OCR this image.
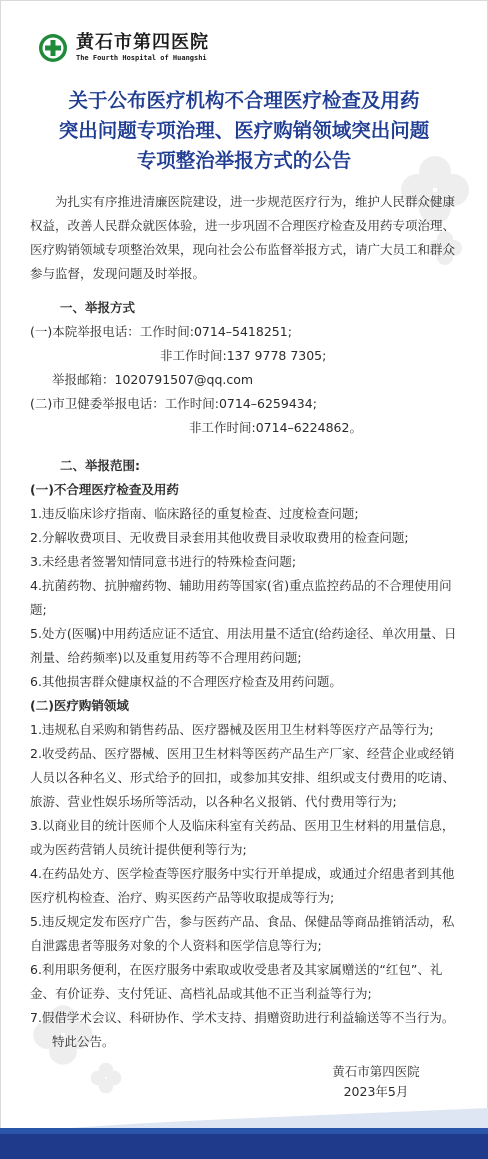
黄石市第四医院
The Fourth Hospital of Huangshi
关于公布医疗机构不合理医疗检查及用药
突出问题专项治理、医疗购销领域突出问题
专项整治举报方式的公告

为扎实有序推进清廉医院建设，进一步规范医疗行为，维护人民群众健康权益，改善人民群众就医体验，进一步巩固不合理医疗检查及用药专项治理、医疗购销领域专项整治效果，现向社会公布监督举报方式，请广大员工和群众参与监督，发现问题及时举报。

一、举报方式

(一)本院举报电话：工作时间:0714–5418251;

非工作时间:137 9778 7305;

举报邮箱：1020791507@qq.com

(二)市卫健委举报电话：工作时间:0714–6259434;

非工作时间:0714–6224862。

二、举报范围:

(一)不合理医疗检查及用药

1.违反临床诊疗指南、临床路径的重复检查、过度检查问题;

2.分解收费项目、无收费目录套用其他收费目录收取费用的检查问题;

3.未经患者签署知情同意书进行的特殊检查问题;

4.抗菌药物、抗肿瘤药物、辅助用药等国家(省)重点监控药品的不合理使用问题;

5.处方(医嘱)中用药适应证不适宜、用法用量不适宜(给药途径、单次用量、日剂量、给药频率)以及重复用药等不合理用药问题;

6.其他损害群众健康权益的不合理医疗检查及用药问题。

(二)医疗购销领域

1.违规私自采购和销售药品、医疗器械及医用卫生材料等医疗产品等行为;

2.收受药品、医疗器械、医用卫生材料等医药产品生产厂家、经营企业或经销人员以各种名义、形式给予的回扣，或参加其安排、组织或支付费用的吃请、旅游、营业性娱乐场所等活动，以各种名义报销、代付费用等行为;

3.以商业目的统计医师个人及临床科室有关药品、医用卫生材料的用量信息，或为医药营销人员统计提供便利等行为;

4.在药品处方、医学检查等医疗服务中实行开单提成，或通过介绍患者到其他医疗机构检查、治疗、购买医药产品等收取提成等行为;

5.违反规定发布医疗广告，参与医药产品、食品、保健品等商品推销活动，私自泄露患者等服务对象的个人资料和医学信息等行为;

6.利用职务便利，在医疗服务中索取或收受患者及其家属赠送的“红包”、礼金、有价证券、支付凭证、高档礼品或其他不正当利益等行为;

7.假借学术会议、科研协作、学术支持、捐赠资助进行利益输送等不当行为。

特此公告。

黄石市第四医院
2023年5月
